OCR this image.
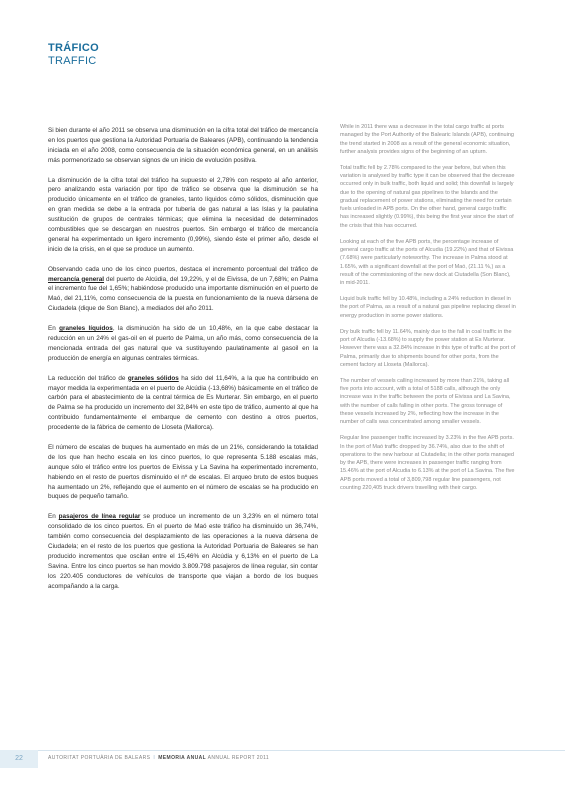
TRÁFICO
TRAFFIC

Si bien durante el año 2011 se observa una disminución en la cifra total del tráfico de mercancía en los puertos que gestiona la Autoridad Portuaria de Baleares (APB), continuando la tendencia iniciada en el año 2008, como consecuencia de la situación económica general, en un análisis más pormenorizado se observan signos de un inicio de evolución positiva.

La disminución de la cifra total del tráfico ha supuesto el 2,78% con respeto al año anterior, pero analizando esta variación por tipo de tráfico se observa que la disminución se ha producido únicamente en el tráfico de graneles, tanto líquidos cómo sólidos, disminución que en gran medida se debe a la entrada por tubería de gas natural a las Islas y la paulatina sustitución de grupos de centrales térmicas; que elimina la necesidad de determinados combustibles que se descargan en nuestros puertos. Sin embargo el tráfico de mercancía general ha experimentado un ligero incremento (0,99%), siendo éste el primer año, desde el inicio de la crisis, en el que se produce un aumento.

Observando cada uno de los cinco puertos, destaca el incremento porcentual del tráfico de mercancía general del puerto de Alcúdia, del 19,22%, y el de Eivissa, de un 7,68%; en Palma el incremento fue del 1,65%; habiéndose producido una importante disminución en el puerto de Maó, del 21,11%, como consecuencia de la puesta en funcionamiento de la nueva dársena de Ciudadela (dique de Son Blanc), a mediados del año 2011.

En graneles líquidos, la disminución ha sido de un 10,48%, en la que cabe destacar la reducción en un 24% el gas-oil en el puerto de Palma, un año más, como consecuencia de la mencionada entrada del gas natural que va sustituyendo paulatinamente al gasoil en la producción de energía en algunas centrales térmicas.

La reducción del tráfico de graneles sólidos ha sido del 11,64%, a la que ha contribuido en mayor medida la experimentada en el puerto de Alcúdia (-13,68%) básicamente en el tráfico de carbón para el abastecimiento de la central térmica de Es Murterar. Sin embargo, en el puerto de Palma se ha producido un incremento del 32,84% en este tipo de tráfico, aumento al que ha contribuido fundamentalmente el embarque de cemento con destino a otros puertos, procedente de la fábrica de cemento de Lloseta (Mallorca).

El número de escalas de buques ha aumentado en más de un 21%, considerando la totalidad de los que han hecho escala en los cinco puertos, lo que representa 5.188 escalas más, aunque sólo el tráfico entre los puertos de Eivissa y La Savina ha experimentado incremento, habiendo en el resto de puertos disminuido el nº de escalas. El arqueo bruto de estos buques ha aumentado un 2%, reflejando que el aumento en el número de escalas se ha producido en buques de pequeño tamaño.

En pasajeros de línea regular se produce un incremento de un 3,23% en el número total consolidado de los cinco puertos. En el puerto de Maó este tráfico ha disminuido un 36,74%, también como consecuencia del desplazamiento de las operaciones a la nueva dársena de Ciudadela; en el resto de los puertos que gestiona la Autoridad Portuaria de Baleares se han producido incrementos que oscilan entre el 15,46% en Alcúdia y 6,13% en el puerto de La Savina. Entre los cinco puertos se han movido 3.809.798 pasajeros de línea regular, sin contar los 220.405 conductores de vehículos de transporte que viajan a bordo de los buques acompañando a la carga.

While in 2011 there was a decrease in the total cargo traffic at ports managed by the Port Authority of the Balearic Islands (APB), continuing the trend started in 2008 as a result of the general economic situation, further analysis provides signs of the beginning of an upturn.

Total traffic fell by 2.78% compared to the year before, but when this variation is analysed by traffic type it can be observed that the decrease occurred only in bulk traffic, both liquid and solid; this downfall is largely due to the opening of natural gas pipelines to the Islands and the gradual replacement of power stations, eliminating the need for certain fuels unloaded in APB ports. On the other hand, general cargo traffic has increased slightly (0.99%), this being the first year since the start of the crisis that this has occurred.

Looking at each of the five APB ports, the percentage increase of general cargo traffic at the ports of Alcudia (19.22%) and that of Eivissa (7.68%) were particularly noteworthy. The increase in Palma stood at 1.65%, with a significant downfall at the port of Maó, (21.11 %,) as a result of the commissioning of the new dock at Ciutadella (Son Blanc), in mid-2011.

Liquid bulk traffic fell by 10.48%, including a 24% reduction in diesel in the port of Palma, as a result of a natural gas pipeline replacing diesel in energy production in some power stations.

Dry bulk traffic fell by 11.64%, mainly due to the fall in coal traffic in the port of Alcudia (-13.68%) to supply the power station at Es Murterar. However there was a 32.84% increase in this type of traffic at the port of Palma, primarily due to shipments bound for other ports, from the cement factory at Lloseta (Mallorca).

The number of vessels calling increased by more than 21%, taking all five ports into account, with a total of 5188 calls, although the only increase was in the traffic between the ports of Eivissa and La Savina, with the number of calls falling in other ports. The gross tonnage of these vessels increased by 2%, reflecting how the increase in the number of calls was concentrated among smaller vessels.

Regular line passenger traffic increased by 3.23% in the five APB ports. In the port of Maó traffic dropped by 36.74%, also due to the shift of operations to the new harbour at Ciutadella; in the other ports managed by the APB, there were increases in passenger traffic ranging from 15.46% at the port of Alcudia to 6.13% at the port of La Savina. The five APB ports moved a total of 3,809,798 regular line passengers, not counting 220,405 truck drivers travelling with their cargo.

22	AUTORITAT PORTUÀRIA DE BALEARS I MEMORIA ANUAL ANNUAL REPORT 2011
